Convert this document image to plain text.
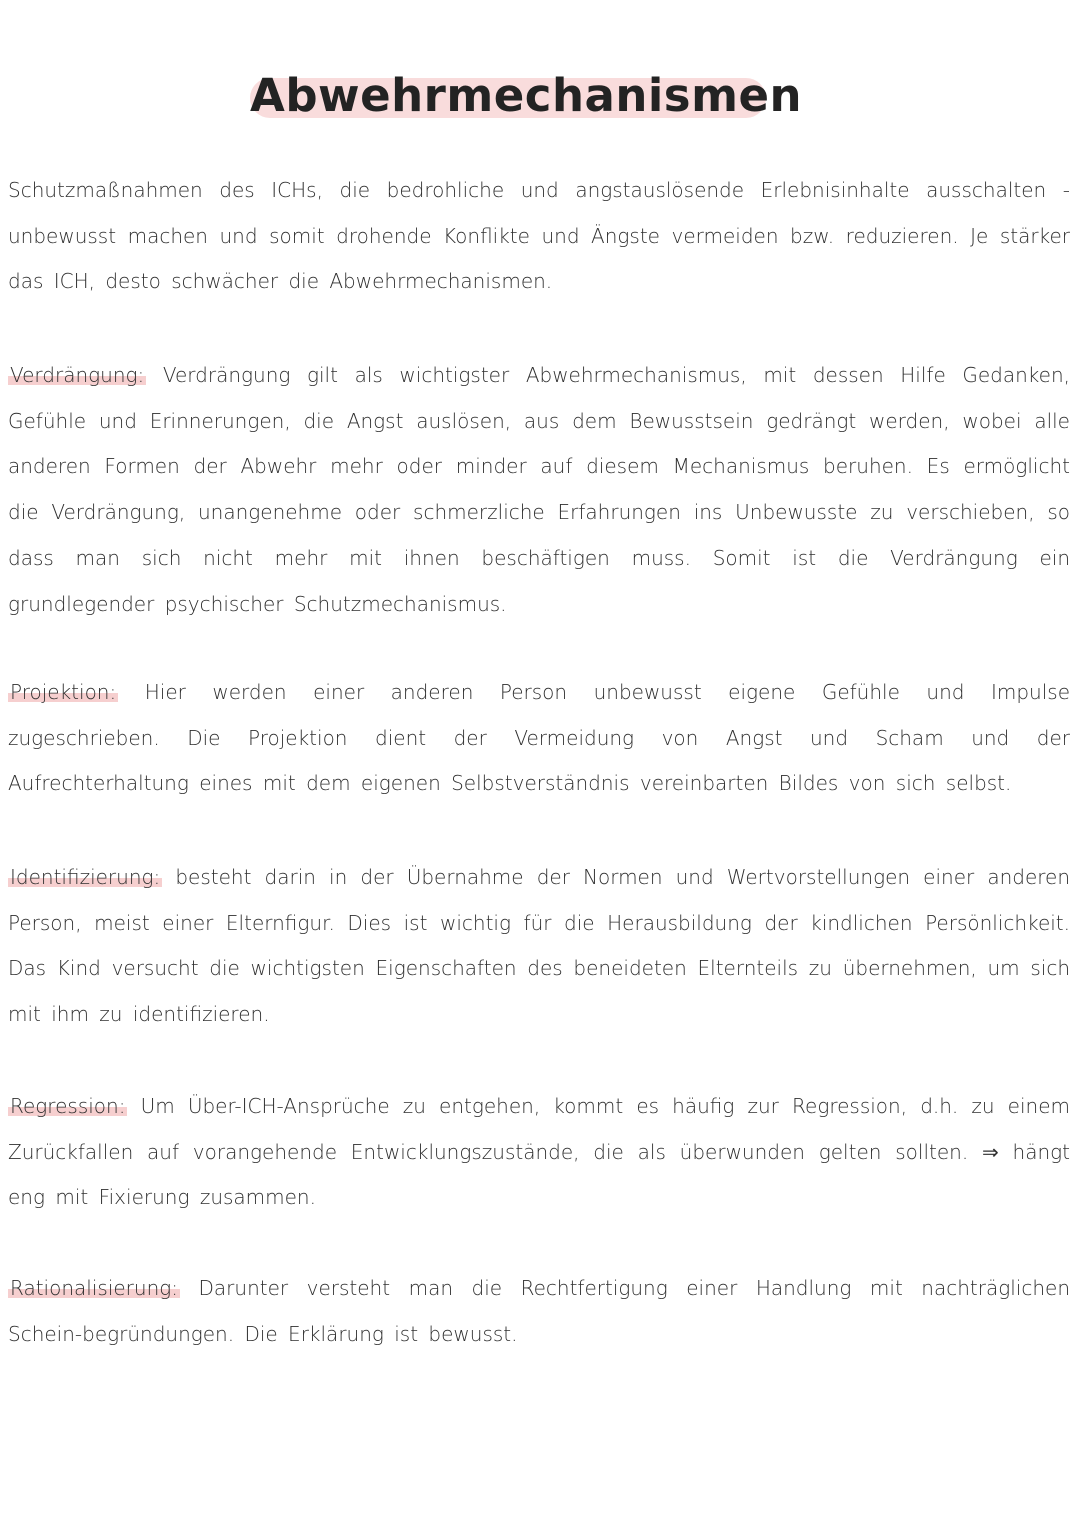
Abwehrmechanismen
Schutzmaßnahmen des ICHs, die bedrohliche und angstauslösende Erlebnisinhalte ausschalten - unbewusst machen und somit drohende Konflikte und Ängste vermeiden bzw. reduzieren. Je stärker das ICH, desto schwächer die Abwehrmechanismen.
Verdrängung: Verdrängung gilt als wichtigster Abwehrmechanismus, mit dessen Hilfe Gedanken, Gefühle und Erinnerungen, die Angst auslösen, aus dem Bewusstsein gedrängt werden, wobei alle anderen Formen der Abwehr mehr oder minder auf diesem Mechanismus beruhen. Es ermöglicht die Verdrängung, unangenehme oder schmerzliche Erfahrungen ins Unbewusste zu verschieben, so dass man sich nicht mehr mit ihnen beschäftigen muss. Somit ist die Verdrängung ein grundlegender psychischer Schutzmechanismus.
Projektion: Hier werden einer anderen Person unbewusst eigene Gefühle und Impulse zugeschrieben. Die Projektion dient der Vermeidung von Angst und Scham und der Aufrechterhaltung eines mit dem eigenen Selbstverständnis vereinbarten Bildes von sich selbst.
Identifizierung: besteht darin in der Übernahme der Normen und Wertvorstellungen einer anderen Person, meist einer Elternfigur. Dies ist wichtig für die Herausbildung der kindlichen Persönlichkeit. Das Kind versucht die wichtigsten Eigenschaften des beneideten Elternteils zu übernehmen, um sich mit ihm zu identifizieren.
Regression: Um Über-ICH-Ansprüche zu entgehen, kommt es häufig zur Regression, d.h. zu einem Zurückfallen auf vorangehende Entwicklungszustände, die als überwunden gelten sollten. ⇒ hängt eng mit Fixierung zusammen.
Rationalisierung: Darunter versteht man die Rechtfertigung einer Handlung mit nachträglichen Schein-begründungen. Die Erklärung ist bewusst.
